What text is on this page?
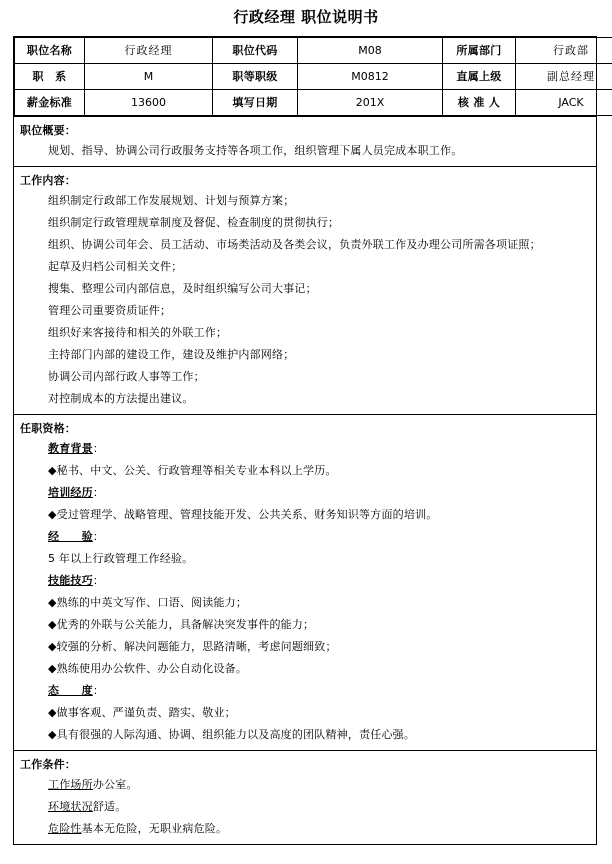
行政经理 职位说明书
职位名称	行政经理	职位代码	M08	所属部门	行政部
职　系	M	职等职级	M0812	直属上级	副总经理
薪金标准	13600	填写日期	201X	核 准 人	JACK
职位概要：
规划、指导、协调公司行政服务支持等各项工作，组织管理下属人员完成本职工作。
工作内容：
组织制定行政部工作发展规划、计划与预算方案；
组织制定行政管理规章制度及督促、检查制度的贯彻执行；
组织、协调公司年会、员工活动、市场类活动及各类会议，负责外联工作及办理公司所需各项证照；
起草及归档公司相关文件；
搜集、整理公司内部信息，及时组织编写公司大事记；
管理公司重要资质证件；
组织好来客接待和相关的外联工作；
主持部门内部的建设工作，建设及维护内部网络；
协调公司内部行政人事等工作；
对控制成本的方法提出建议。
任职资格：
教育背景：
◆秘书、中文、公关、行政管理等相关专业本科以上学历。
培训经历：
◆受过管理学、战略管理、管理技能开发、公共关系、财务知识等方面的培训。
经　　验：
5 年以上行政管理工作经验。
技能技巧：
◆熟练的中英文写作、口语、阅读能力；
◆优秀的外联与公关能力，具备解决突发事件的能力；
◆较强的分析、解决问题能力，思路清晰，考虑问题细致；
◆熟练使用办公软件、办公自动化设备。
态　　度：
◆做事客观、严谨负责、踏实、敬业；
◆具有很强的人际沟通、协调、组织能力以及高度的团队精神，责任心强。
工作条件：
工作场所办公室。
环境状况舒适。
危险性基本无危险，无职业病危险。
